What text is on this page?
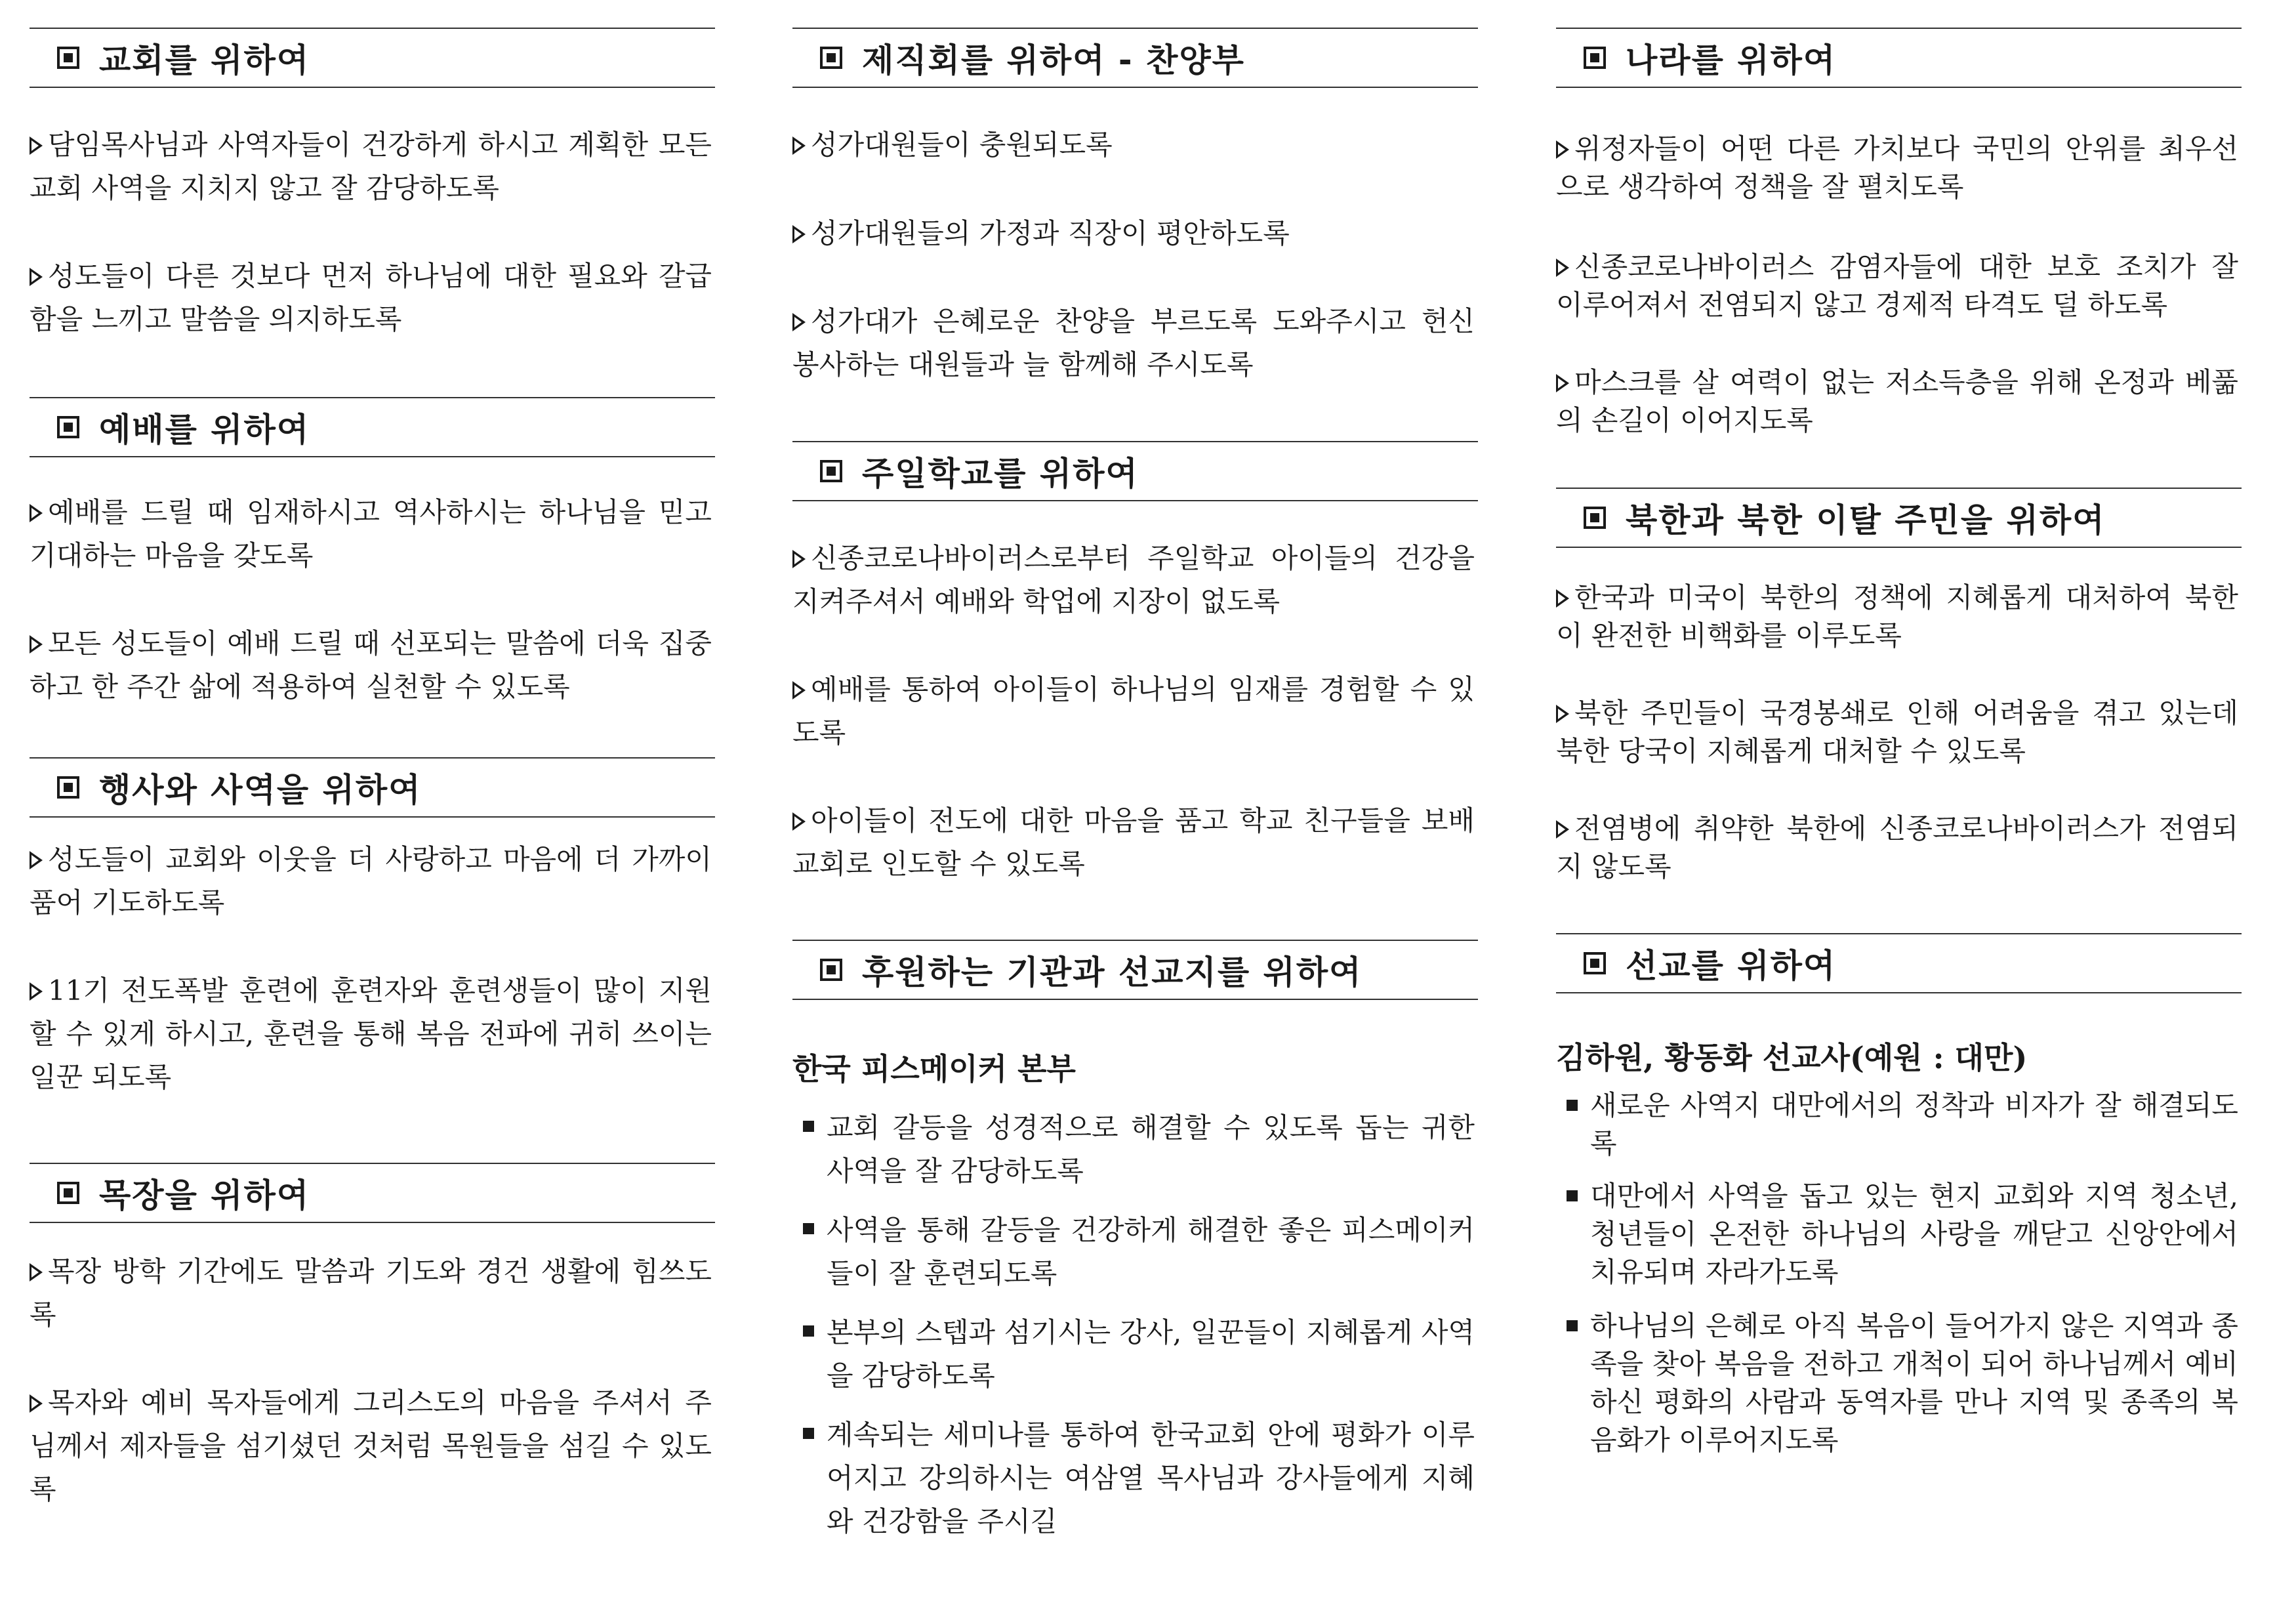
교회를 위하여
담임목사님과 사역자들이 건강하게 하시고 계획한 모든 교회 사역을 지치지 않고 잘 감당하도록
성도들이 다른 것보다 먼저 하나님에 대한 필요와 갈급함을 느끼고 말씀을 의지하도록
예배를 위하여
예배를 드릴 때 임재하시고 역사하시는 하나님을 믿고 기대하는 마음을 갖도록
모든 성도들이 예배 드릴 때 선포되는 말씀에 더욱 집중하고 한 주간 삶에 적용하여 실천할 수 있도록
행사와 사역을 위하여
성도들이 교회와 이웃을 더 사랑하고 마음에 더 가까이 품어 기도하도록
11기 전도폭발 훈련에 훈련자와 훈련생들이 많이 지원할 수 있게 하시고, 훈련을 통해 복음 전파에 귀히 쓰이는 일꾼 되도록
목장을 위하여
목장 방학 기간에도 말씀과 기도와 경건 생활에 힘쓰도록
목자와 예비 목자들에게 그리스도의 마음을 주셔서 주님께서 제자들을 섬기셨던 것처럼 목원들을 섬길 수 있도록
제직회를 위하여 - 찬양부
성가대원들이 충원되도록
성가대원들의 가정과 직장이 평안하도록
성가대가 은혜로운 찬양을 부르도록 도와주시고 헌신 봉사하는 대원들과 늘 함께해 주시도록
주일학교를 위하여
신종코로나바이러스로부터 주일학교 아이들의 건강을 지켜주셔서 예배와 학업에 지장이 없도록
예배를 통하여 아이들이 하나님의 임재를 경험할 수 있도록
아이들이 전도에 대한 마음을 품고 학교 친구들을 보배교회로 인도할 수 있도록
후원하는 기관과 선교지를 위하여
한국 피스메이커 본부
교회 갈등을 성경적으로 해결할 수 있도록 돕는 귀한 사역을 잘 감당하도록
사역을 통해 갈등을 건강하게 해결한 좋은 피스메이커들이 잘 훈련되도록
본부의 스텝과 섬기시는 강사, 일꾼들이 지혜롭게 사역을 감당하도록
계속되는 세미나를 통하여 한국교회 안에 평화가 이루어지고 강의하시는 여삼열 목사님과 강사들에게 지혜와 건강함을 주시길
나라를 위하여
위정자들이 어떤 다른 가치보다 국민의 안위를 최우선으로 생각하여 정책을 잘 펼치도록
신종코로나바이러스 감염자들에 대한 보호 조치가 잘 이루어져서 전염되지 않고 경제적 타격도 덜 하도록
마스크를 살 여력이 없는 저소득층을 위해 온정과 베풂의 손길이 이어지도록
북한과 북한 이탈 주민을 위하여
한국과 미국이 북한의 정책에 지혜롭게 대처하여 북한이 완전한 비핵화를 이루도록
북한 주민들이 국경봉쇄로 인해 어려움을 겪고 있는데 북한 당국이 지혜롭게 대처할 수 있도록
전염병에 취약한 북한에 신종코로나바이러스가 전염되지 않도록
선교를 위하여
김하원, 황동화 선교사(예원 : 대만)
새로운 사역지 대만에서의 정착과 비자가 잘 해결되도록
대만에서 사역을 돕고 있는 현지 교회와 지역 청소년, 청년들이 온전한 하나님의 사랑을 깨닫고 신앙안에서 치유되며 자라가도록
하나님의 은혜로 아직 복음이 들어가지 않은 지역과 종족을 찾아 복음을 전하고 개척이 되어 하나님께서 예비하신 평화의 사람과 동역자를 만나 지역 및 종족의 복음화가 이루어지도록
